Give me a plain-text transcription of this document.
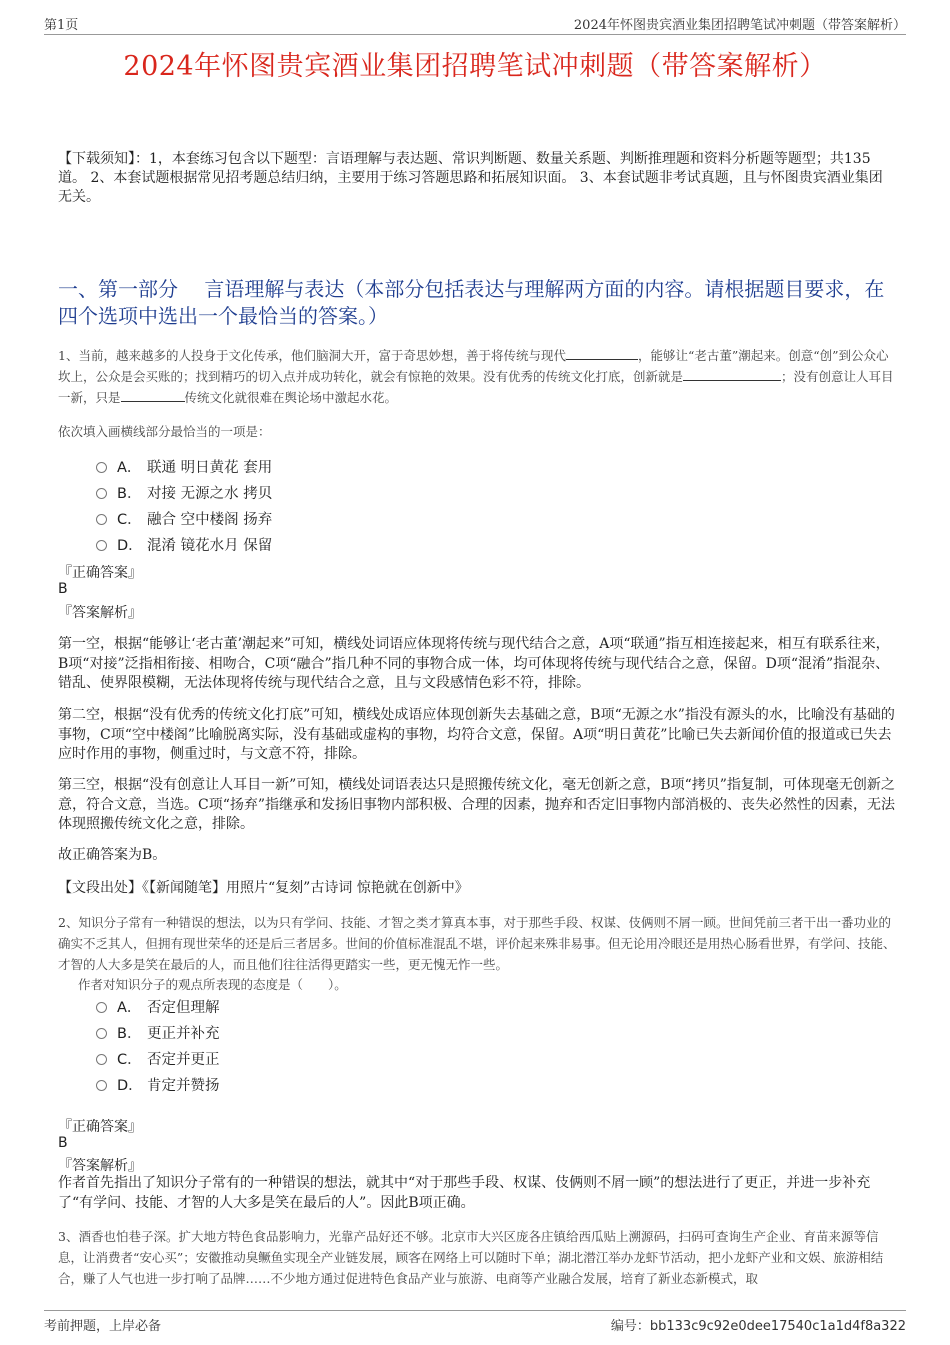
第1页	2024年怀图贵宾酒业集团招聘笔试冲刺题（带答案解析）
2024年怀图贵宾酒业集团招聘笔试冲刺题（带答案解析）
【下载须知】：1，本套练习包含以下题型：言语理解与表达题、常识判断题、数量关系题、判断推理题和资料分析题等题型；共135道。 2、本套试题根据常见招考题总结归纳，主要用于练习答题思路和拓展知识面。 3、本套试题非考试真题，且与怀图贵宾酒业集团无关。
一、第一部分　 言语理解与表达（本部分包括表达与理解两方面的内容。请根据题目要求，在四个选项中选出一个最恰当的答案。）
1、当前，越来越多的人投身于文化传承，他们脑洞大开，富于奇思妙想，善于将传统与现代	，能够让“老古董”潮起来。创意“创”到公众心坎上，公众是会买账的；找到精巧的切入点并成功转化，就会有惊艳的效果。没有优秀的传统文化打底，创新就是	；没有创意让人耳目一新，只是	传统文化就很难在舆论场中激起水花。
依次填入画横线部分最恰当的一项是：
A． 联通 明日黄花 套用
B． 对接 无源之水 拷贝
C． 融合 空中楼阁 扬弃
D． 混淆 镜花水月 保留
『正确答案』
B
『答案解析』
第一空，根据“能够让‘老古董’潮起来”可知，横线处词语应体现将传统与现代结合之意，A项“联通”指互相连接起来，相互有联系往来，B项“对接”泛指相衔接、相吻合，C项“融合”指几种不同的事物合成一体，均可体现将传统与现代结合之意，保留。D项“混淆”指混杂、错乱、使界限模糊，无法体现将传统与现代结合之意，且与文段感情色彩不符，排除。
第二空，根据“没有优秀的传统文化打底”可知，横线处成语应体现创新失去基础之意，B项“无源之水”指没有源头的水，比喻没有基础的事物，C项“空中楼阁”比喻脱离实际，没有基础或虚构的事物，均符合文意，保留。A项“明日黄花”比喻已失去新闻价值的报道或已失去应时作用的事物，侧重过时，与文意不符，排除。
第三空，根据“没有创意让人耳目一新”可知，横线处词语表达只是照搬传统文化，毫无创新之意，B项“拷贝”指复制，可体现毫无创新之意，符合文意，当选。C项“扬弃”指继承和发扬旧事物内部积极、合理的因素，抛弃和否定旧事物内部消极的、丧失必然性的因素，无法体现照搬传统文化之意，排除。
故正确答案为B。
【文段出处】《【新闻随笔】用照片“复刻”古诗词 惊艳就在创新中》
2、知识分子常有一种错误的想法，以为只有学问、技能、才智之类才算真本事，对于那些手段、权谋、伎俩则不屑一顾。世间凭前三者干出一番功业的确实不乏其人，但拥有现世荣华的还是后三者居多。世间的价值标准混乱不堪，评价起来殊非易事。但无论用冷眼还是用热心肠看世界，有学问、技能、才智的人大多是笑在最后的人，而且他们往往活得更踏实一些，更无愧无怍一些。
作者对知识分子的观点所表现的态度是（　　）。
A． 否定但理解
B． 更正并补充
C． 否定并更正
D． 肯定并赞扬
『正确答案』
B
『答案解析』
作者首先指出了知识分子常有的一种错误的想法，就其中“对于那些手段、权谋、伎俩则不屑一顾”的想法进行了更正，并进一步补充了“有学问、技能、才智的人大多是笑在最后的人”。因此B项正确。
3、酒香也怕巷子深。扩大地方特色食品影响力，光靠产品好还不够。北京市大兴区庞各庄镇给西瓜贴上溯源码，扫码可查询生产企业、育苗来源等信息，让消费者“安心买”；安徽推动臭鳜鱼实现全产业链发展，顾客在网络上可以随时下单；湖北潜江举办龙虾节活动，把小龙虾产业和文娱、旅游相结合，赚了人气也进一步打响了品牌……不少地方通过促进特色食品产业与旅游、电商等产业融合发展，培育了新业态新模式，取
考前押题，上岸必备	编号：bb133c9c92e0dee17540c1a1d4f8a322
